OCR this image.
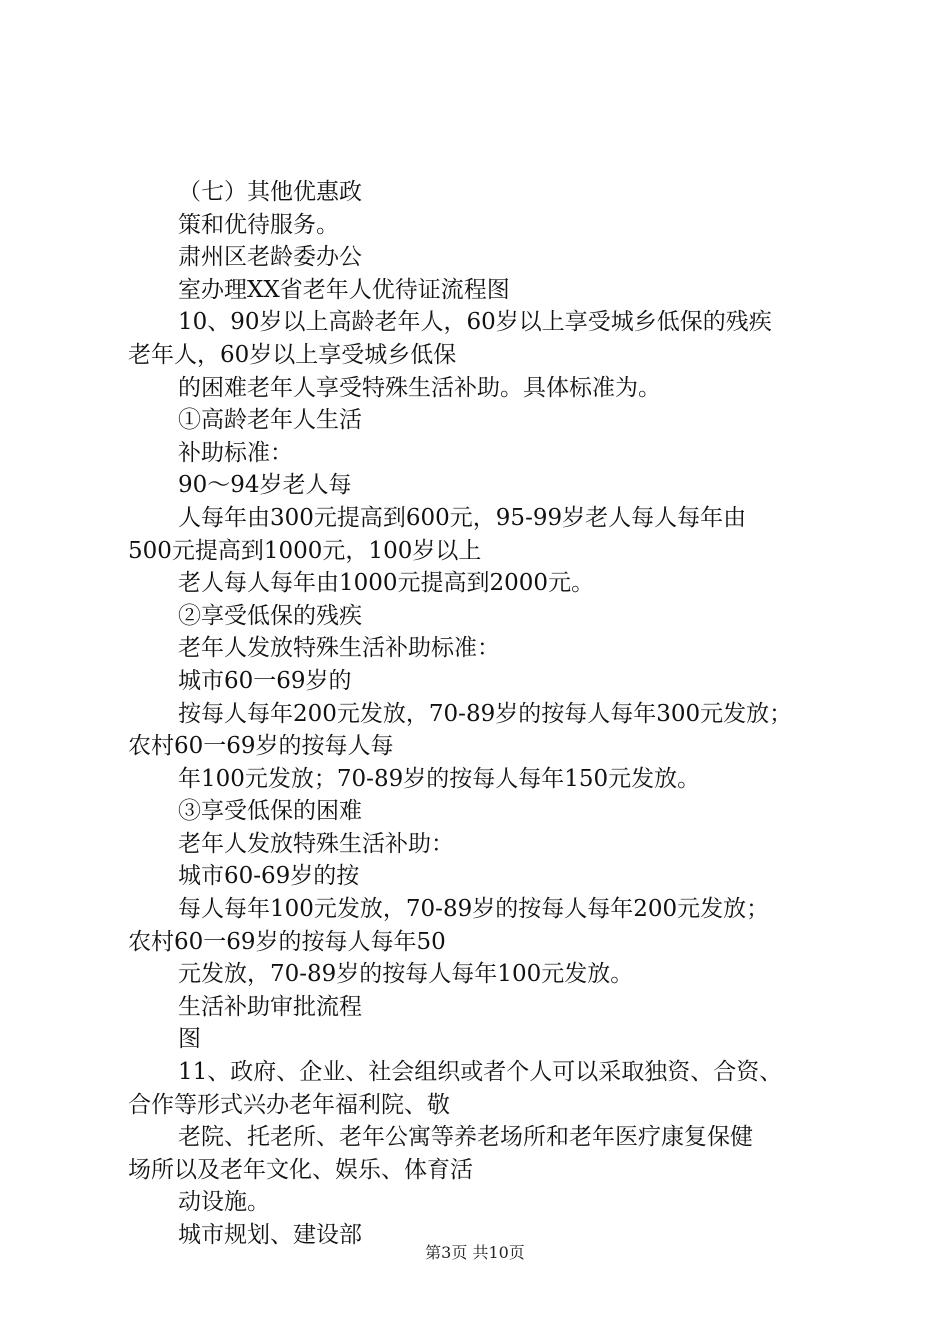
（七）其他优惠政
策和优待服务。
肃州区老龄委办公
室办理XX省老年人优待证流程图
10、90岁以上高龄老年人，60岁以上享受城乡低保的残疾
老年人，60岁以上享受城乡低保
的困难老年人享受特殊生活补助。具体标准为。
①高龄老年人生活
补助标准：
90～94岁老人每
人每年由300元提高到600元，95-99岁老人每人每年由
500元提高到1000元，100岁以上
老人每人每年由1000元提高到2000元。
②享受低保的残疾
老年人发放特殊生活补助标准：
城市60一69岁的
按每人每年200元发放，70-89岁的按每人每年300元发放；
农村60一69岁的按每人每
年100元发放；70-89岁的按每人每年150元发放。
③享受低保的困难
老年人发放特殊生活补助：
城市60-69岁的按
每人每年100元发放，70-89岁的按每人每年200元发放；
农村60一69岁的按每人每年50
元发放，70-89岁的按每人每年100元发放。
生活补助审批流程
图
11、政府、企业、社会组织或者个人可以采取独资、合资、
合作等形式兴办老年福利院、敬
老院、托老所、老年公寓等养老场所和老年医疗康复保健
场所以及老年文化、娱乐、体育活
动设施。
城市规划、建设部
第3页 共10页
